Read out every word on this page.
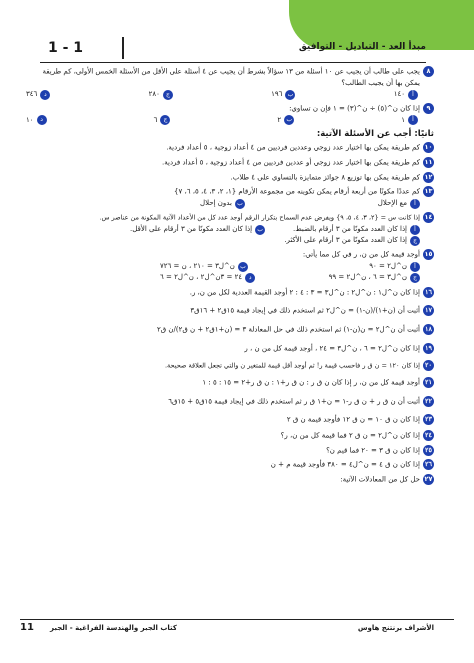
مبدأ العد - التباديل - التوافيق
1 - 1
٨يجب على طالب أن يجيب عن ١٠ أسئلة من ١٣ سؤالاً بشرط أن يجيب عن ٤ أسئلة على الأقل من الأسئلة الخمس الأولى، كم طريقة
يمكن بها أن يجيب الطالب؟
أ
١٤٠
ب
١٩٦
ج
٢٨٠
د
٣٤٦
٩إذا كان ن^(٥) ÷ ن^(٣) = ١ فإن ن تساوي:
أ
١
ب
٢
ج
٦
د
١٠
ثانيًا: أجب عن الأسئلة الآتية:
١٠كم طريقة يمكن بها اختيار عدد زوجي وعددين فرديين من ٤ أعداد زوجية ، ٥ أعداد فردية.
١١كم طريقة يمكن بها اختيار عدد زوجي أو عددين فرديين من ٤ أعداد زوجية ، ٥ أعداد فردية.
١٢كم طريقة يمكن بها توزيع ٨ جوائز متمايزة بالتساوي على ٤ طلاب.
١٣كم عددًا مكونًا من أربعة أرقام يمكن تكوينه من مجموعة الأرقام {١، ٢، ٣، ٤، ٥، ٦، ٧}
أ
مع الإحلال
ب
بدون إحلال
١٤إذا كانت س = {٢، ٣، ٤، ٥، ٩} ويفرض عدم السماح بتكرار الرقم أوجد عدد كل من الأعداد الآتية المكونة من عناصر س.
أ
إذا كان العدد مكونًا من ٣ أرقام بالضبط.
ب
إذا كان العدد مكونًا من ٣ أرقام على الأقل.
ج
إذا كان العدد مكونًا من ٣ أرقام على الأكثر.
١٥أوجد قيمة كل من ن، ر في كل مما يأتي:
أ
ن^ل٢ = ٩٠
ب
ن^ل٣ = ٢١٠ ، ن = ٧٢٦
ج
ن^ل٣ = ٦ ، ن^ل٢ = ٩٩
د
٢٤ = ٣ن^ل٢ ، ن^ل٢ = ٦
١٦إذا كان ن^ل١ : ن^ل٢ : ن^ل٣ = ٣ : ٤ : ٢ أوجد القيمة العددية لكل من ن، ر.
١٧أثبت أن (ن+١)/(ن-١) = ن^ل٢ ثم استخدم ذلك في إيجاد قيمة ١٥ق٢ + ١٦ق٣
١٨أثبت أن ن^ل٢ = ن(ن-١) ثم استخدم ذلك في حل المعادلة ٣ = (ن+١ق٢ + ن ق٢)/ن ق٢
١٩إذا كان ن^ل٢ = ٦ ، ن^ل٣ = ٢٤ ، أوجد قيمة كل من ن ، ر
٢٠إذا كان ١٢٠ = ن ق ر فاحسب قيمة ر! ثم أوجد أقل قيمة للمتغير ن والتي تجعل العلاقة صحيحة.
٢١أوجد قيمة كل من ن، ر إذا كان ن ق ر : ن ق ر+١ : ن ق ر+٢ = ١٥ : ٥ : ١
٢٢أثبت أن ن ق ر + ن ق ر-١ = ن+١ ق ر ثم استخدم ذلك في إيجاد قيمة ١٥ق٥ + ١٥ق٦
٢٣إذا كان ن ق ١٠ = ن ق ١٢ فأوجد قيمة ن ق ٢
٢٤إذا كان ن^ل٢ = ن ق ٢ فما قيمة كل من ن، ر؟
٢٥إذا كان ن ق ٣ = ٢٠ فما قيم ن؟
٢٦إذا كان ن ق ٤ = ن^ل٤ = ٣٨٠ فأوجد قيمة م + ن
٢٧حل كل من المعادلات الآتية:
الأشراف برنتنج هاوس
كتاب الجبر والهندسة الفراغية - الجبر
11
